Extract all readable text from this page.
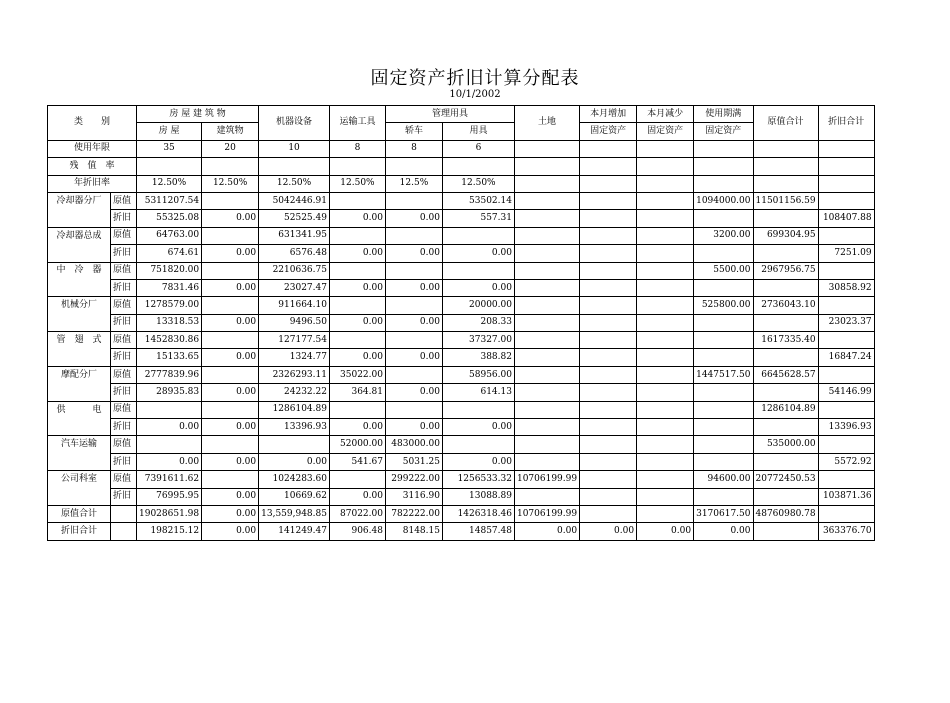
固定资产折旧计算分配表
10/1/2002
类　　别		房 屋 建 筑 物		机器设备	运输工具	管理用具		土地	本月增加	本月减少	使用期满	原值合计	折旧合计
		房 屋	建筑物			轿车	用具		固定资产	固定资产	固定资产		
使用年限		35	20	10	8	8	6						
残　值　率													
年折旧率		12.50%	12.50%	12.50%	12.50%	12.5%	12.50%						
冷却器分厂	原值	5311207.54		5042446.91			53502.14				1094000.00	11501156.59	
	折旧	55325.08	0.00	52525.49	0.00	0.00	557.31						108407.88
冷却器总成	原值	64763.00		631341.95							3200.00	699304.95	
	折旧	674.61	0.00	6576.48	0.00	0.00	0.00						7251.09
中　冷　器	原值	751820.00		2210636.75							5500.00	2967956.75	
	折旧	7831.46	0.00	23027.47	0.00	0.00	0.00						30858.92
机械分厂	原值	1278579.00		911664.10			20000.00				525800.00	2736043.10	
	折旧	13318.53	0.00	9496.50	0.00	0.00	208.33						23023.37
管　翅　式	原值	1452830.86		127177.54			37327.00					1617335.40	
	折旧	15133.65	0.00	1324.77	0.00	0.00	388.82						16847.24
摩配分厂	原值	2777839.96		2326293.11	35022.00		58956.00				1447517.50	6645628.57	
	折旧	28935.83	0.00	24232.22	364.81	0.00	614.13						54146.99
供　　　电	原值			1286104.89								1286104.89	
	折旧	0.00	0.00	13396.93	0.00	0.00	0.00						13396.93
汽车运输	原值				52000.00	483000.00						535000.00	
	折旧	0.00	0.00	0.00	541.67	5031.25	0.00						5572.92
公司科室	原值	7391611.62		1024283.60		299222.00	1256533.32	10706199.99			94600.00	20772450.53	
	折旧	76995.95	0.00	10669.62	0.00	3116.90	13088.89						103871.36
原值合计		19028651.98	0.00	13,559,948.85	87022.00	782222.00	1426318.46	10706199.99			3170617.50	48760980.78	
折旧合计		198215.12	0.00	141249.47	906.48	8148.15	14857.48	0.00	0.00	0.00	0.00		363376.70
